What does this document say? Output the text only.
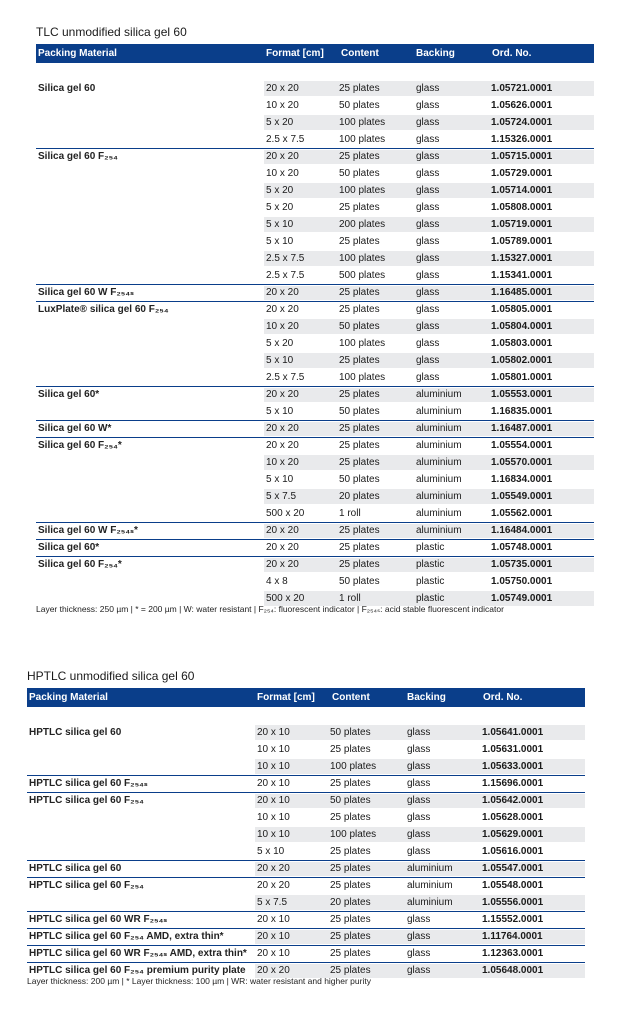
TLC unmodified silica gel 60
Packing Material	Format [cm] Content	Backing	Ord. No.
Silica gel 60	20 x 20	25 plates	glass	1.05721.0001
10 x 20	50 plates	glass	1.05626.0001
5 x 20	100 plates	glass	1.05724.0001
2.5 x 7.5	100 plates	glass	1.15326.0001
Silica gel 60 F₂₅₄	20 x 20	25 plates	glass	1.05715.0001
10 x 20	50 plates	glass	1.05729.0001
5 x 20	100 plates	glass	1.05714.0001
5 x 20	25 plates	glass	1.05808.0001
5 x 10	200 plates	glass	1.05719.0001
5 x 10	25 plates	glass	1.05789.0001
2.5 x 7.5	100 plates	glass	1.15327.0001
2.5 x 7.5	500 plates	glass	1.15341.0001
Silica gel 60 W F₂₅₄ₛ	20 x 20	25 plates	glass	1.16485.0001
LuxPlate® silica gel 60 F₂₅₄	20 x 20	25 plates	glass	1.05805.0001
10 x 20	50 plates	glass	1.05804.0001
5 x 20	100 plates	glass	1.05803.0001
5 x 10	25 plates	glass	1.05802.0001
2.5 x 7.5	100 plates	glass	1.05801.0001
Silica gel 60*	20 x 20	25 plates	aluminium	1.05553.0001
5 x 10	50 plates	aluminium	1.16835.0001
Silica gel 60 W*	20 x 20	25 plates	aluminium	1.16487.0001
Silica gel 60 F₂₅₄*	20 x 20	25 plates	aluminium	1.05554.0001
10 x 20	25 plates	aluminium	1.05570.0001
5 x 10	50 plates	aluminium	1.16834.0001
5 x 7.5	20 plates	aluminium	1.05549.0001
500 x 20	1 roll	aluminium	1.05562.0001
Silica gel 60 W F₂₅₄ₛ*	20 x 20	25 plates	aluminium	1.16484.0001
Silica gel 60*	20 x 20	25 plates	plastic	1.05748.0001
Silica gel 60 F₂₅₄*	20 x 20	25 plates	plastic	1.05735.0001
4 x 8	50 plates	plastic	1.05750.0001
500 x 20	1 roll	plastic	1.05749.0001
Layer thickness: 250 µm | * = 200 µm | W: water resistant | F₂₅₄: fluorescent indicator | F₂₅₄ₛ: acid stable fluorescent indicator
HPTLC unmodified silica gel 60
Packing Material	Format [cm] Content	Backing	Ord. No.
HPTLC silica gel 60	20 x 10	50 plates	glass	1.05641.0001
10 x 10	25 plates	glass	1.05631.0001
10 x 10	100 plates	glass	1.05633.0001
HPTLC silica gel 60 F₂₅₄ₛ	20 x 10	25 plates	glass	1.15696.0001
HPTLC silica gel 60 F₂₅₄	20 x 10	50 plates	glass	1.05642.0001
10 x 10	25 plates	glass	1.05628.0001
10 x 10	100 plates	glass	1.05629.0001
5 x 10	25 plates	glass	1.05616.0001
HPTLC silica gel 60	20 x 20	25 plates	aluminium	1.05547.0001
HPTLC silica gel 60 F₂₅₄	20 x 20	25 plates	aluminium	1.05548.0001
5 x 7.5	20 plates	aluminium	1.05556.0001
HPTLC silica gel 60 WR F₂₅₄ₛ	20 x 10	25 plates	glass	1.15552.0001
HPTLC silica gel 60 F₂₅₄ AMD, extra thin*	20 x 10	25 plates	glass	1.11764.0001
HPTLC silica gel 60 WR F₂₅₄ₛ AMD, extra thin* 20 x 10	25 plates	glass	1.12363.0001
HPTLC silica gel 60 F₂₅₄ premium purity plate 20 x 20	25 plates	glass	1.05648.0001
Layer thickness: 200 µm | * Layer thickness: 100 µm | WR: water resistant and higher purity
